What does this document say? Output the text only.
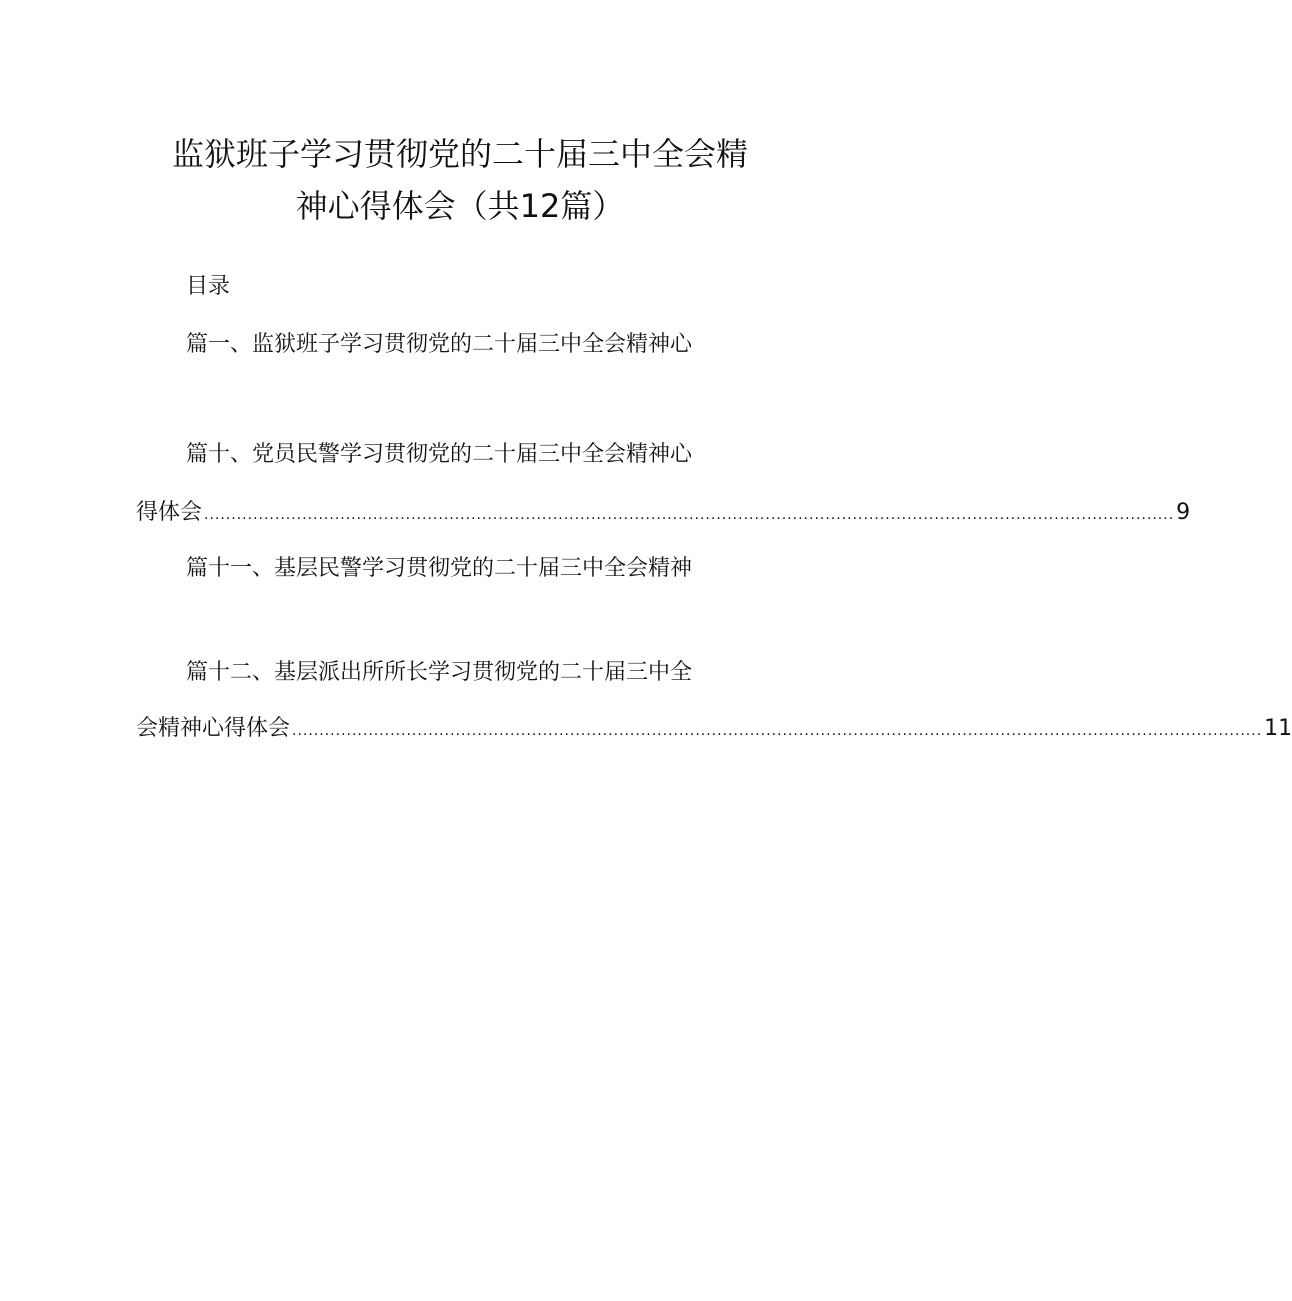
监狱班子学习贯彻党的二十届三中全会精
神心得体会（共12篇）
目录
篇一、监狱班子学习贯彻党的二十届三中全会精神心
篇十、党员民警学习贯彻党的二十届三中全会精神心
得体会 .................................................................................................................................................................................. 9
篇十一、基层民警学习贯彻党的二十届三中全会精神
篇十二、基层派出所所长学习贯彻党的二十届三中全
会精神心得体会 .................................................................................................................................................................................. 11
